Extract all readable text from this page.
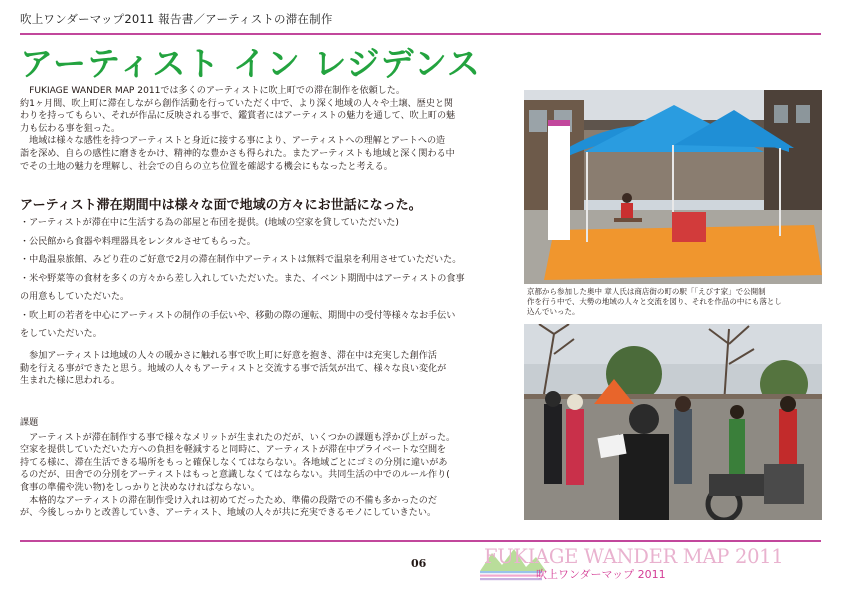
吹上ワンダーマップ2011 報告書／アーティストの滞在制作
アーティスト イン レジデンス

　FUKIAGE WANDER MAP 2011では多くのアーティストに吹上町での滞在制作を依頼した。

約1ヶ月間、吹上町に滞在しながら創作活動を行っていただく中で、より深く地域の人々や土壌、歴史と関

わりを持ってもらい、それが作品に反映される事で、鑑賞者にはアーティストの魅力を通して、吹上町の魅

力も伝わる事を狙った。

　地域は様々な感性を持つアーティストと身近に接する事により、アーティストへの理解とアートへの造

詣を深め、自らの感性に磨きをかけ、精神的な豊かさも得られた。またアーティストも地域と深く関わる中

でその土地の魅力を理解し、社会での自らの立ち位置を確認する機会にもなったと考える。

アーティスト滞在期間中は様々な面で地域の方々にお世話になった。

・アーティストが滞在中に生活する為の部屋と布団を提供。(地域の空家を貸していただいた)

・公民館から食器や料理器具をレンタルさせてもらった。

・中島温泉旅館、みどり荘のご好意で2月の滞在制作中アーティストは無料で温泉を利用させていただいた。

・米や野菜等の食材を多くの方々から差し入れしていただいた。また、イベント期間中はアーティストの食事

の用意もしていただいた。

・吹上町の若者を中心にアーティストの制作の手伝いや、移動の際の運転、期間中の受付等様々なお手伝い

をしていただいた。

　参加アーティストは地域の人々の暖かさに触れる事で吹上町に好意を抱き、滞在中は充実した創作活

動を行える事ができたと思う。地域の人々もアーティストと交流する事で活気が出て、様々な良い変化が

生まれた様に思われる。

課題

　アーティストが滞在制作する事で様々なメリットが生まれたのだが、いくつかの課題も浮かび上がった。

空家を提供していただいた方への負担を軽減すると同時に、アーティストが滞在中プライベートな空間を

持てる様に、滞在生活できる場所をもっと確保しなくてはならない。各地域ごとにゴミの分別に違いがあ

るのだが、田舎での分別をアーティストはもっと意識しなくてはならない。共同生活の中でのルール作り(

食事の準備や洗い物)をしっかりと決めなければならない。

　本格的なアーティストの滞在制作受け入れは初めてだったため、準備の段階での不備も多かったのだ

が、今後しっかりと改善していき、アーティスト、地域の人々が共に充実できるモノにしていきたい。

京都から参加した奥中 章人氏は商店街の町の駅「「えびす家」で公開制

作を行う中で、大勢の地域の人々と交流を図り、それを作品の中にも落とし

込んでいった。

06	FUKIAGE WANDER MAP 2011
吹上ワンダーマップ 2011
